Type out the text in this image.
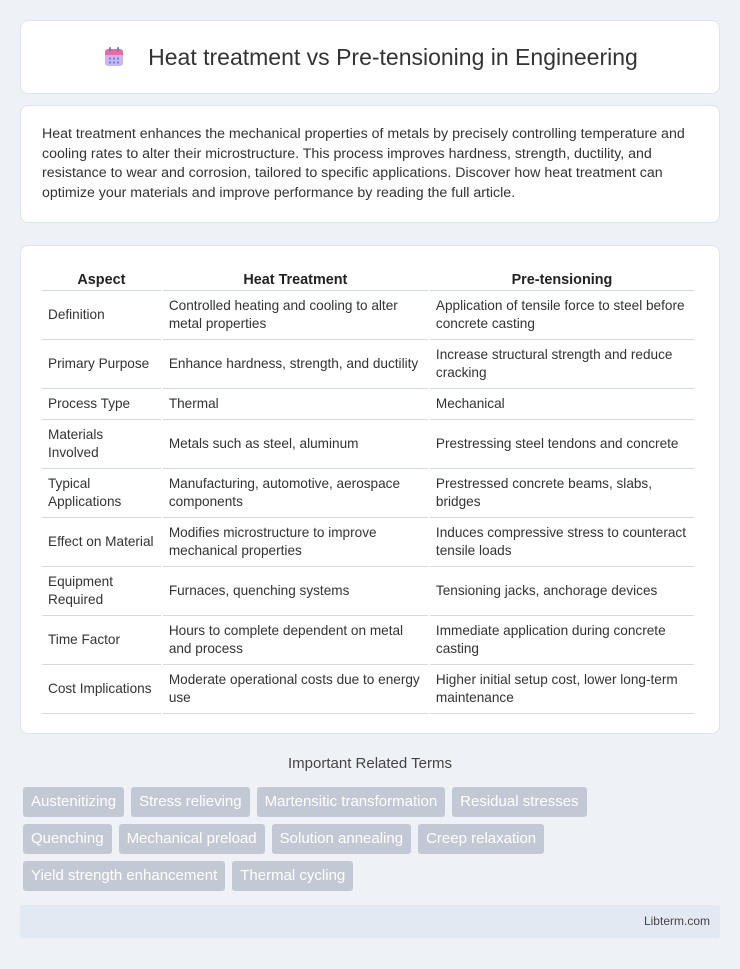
Heat treatment vs Pre-tensioning in Engineering

Heat treatment enhances the mechanical properties of metals by precisely controlling temperature and cooling rates to alter their microstructure. This process improves hardness, strength, ductility, and resistance to wear and corrosion, tailored to specific applications. Discover how heat treatment can optimize your materials and improve performance by reading the full article.

Aspect	Heat Treatment	Pre-tensioning
Definition	Controlled heating and cooling to alter metal properties	Application of tensile force to steel before concrete casting
Primary Purpose	Enhance hardness, strength, and ductility	Increase structural strength and reduce cracking
Process Type	Thermal	Mechanical
Materials Involved	Metals such as steel, aluminum	Prestressing steel tendons and concrete
Typical Applications	Manufacturing, automotive, aerospace components	Prestressed concrete beams, slabs, bridges
Effect on Material	Modifies microstructure to improve mechanical properties	Induces compressive stress to counteract tensile loads
Equipment Required	Furnaces, quenching systems	Tensioning jacks, anchorage devices
Time Factor	Hours to complete dependent on metal and process	Immediate application during concrete casting
Cost Implications	Moderate operational costs due to energy use	Higher initial setup cost, lower long-term maintenance
Important Related Terms
Austenitizing	Stress relieving	Martensitic transformation	Residual stresses
Quenching	Mechanical preload	Solution annealing	Creep relaxation
Yield strength enhancement	Thermal cycling
Libterm.com
